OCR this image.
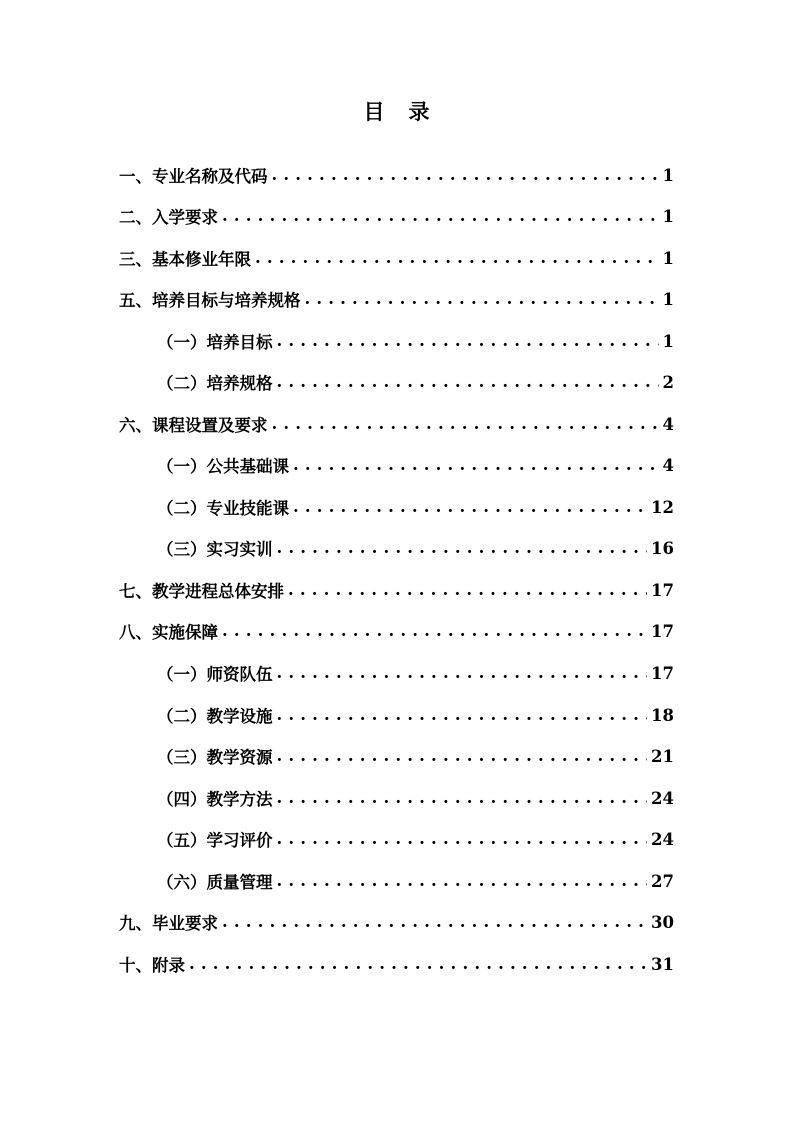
目 录
一、专业名称及代码 . . .	1
二、入学要求 . . .	1
三、基本修业年限 . . .	1
五、培养目标与培养规格 . . .	1
（一）培养目标 . . .	1
（二）培养规格 . . .	2
六、课程设置及要求 . . .	4
（一）公共基础课 . . .	4
（二）专业技能课 . . .	12
（三）实习实训 . . .	16
七、教学进程总体安排 . . .	17
八、实施保障 . . .	17
（一）师资队伍 . . .	17
（二）教学设施 . . .	18
（三）教学资源 . . .	21
（四）教学方法 . . .	24
（五）学习评价 . . .	24
（六）质量管理 . . .	27
九、毕业要求 . . .	30
十、附录 . . .	31
